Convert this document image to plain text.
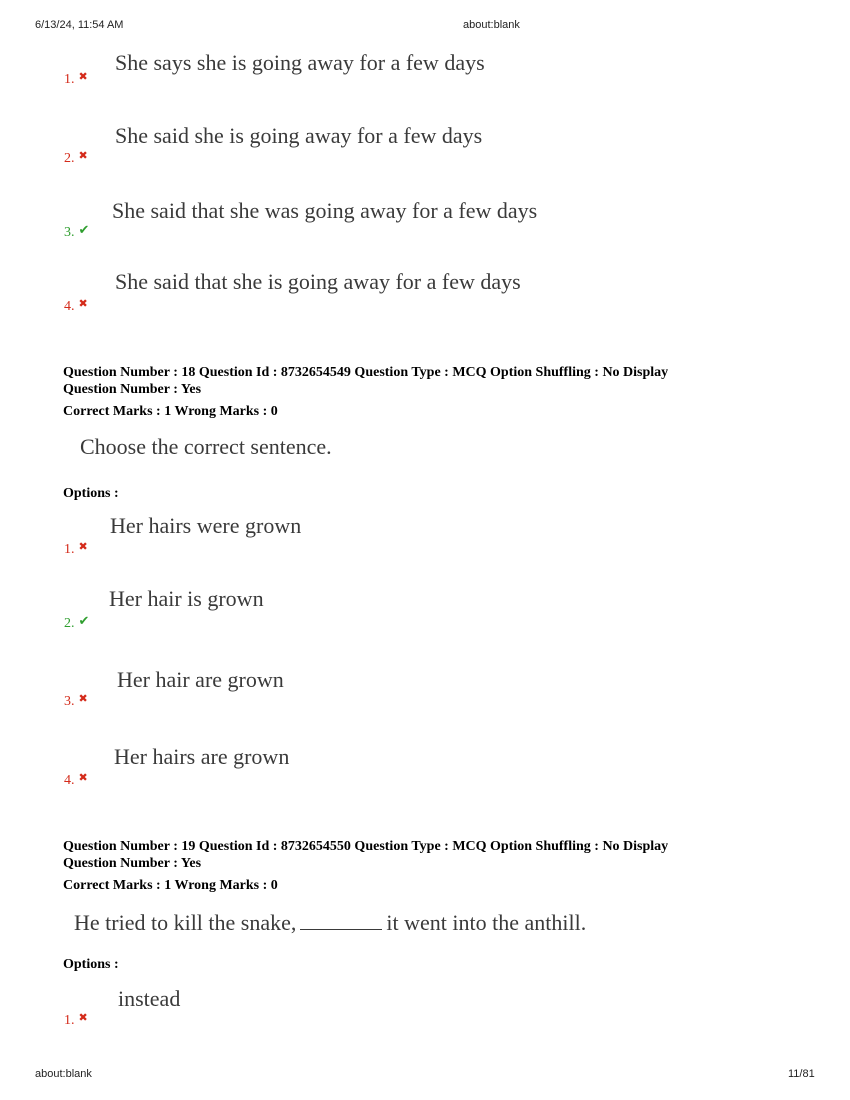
6/13/24, 11:54 AM	about:blank
1. ✖
She says she is going away for a few days
2. ✖
She said she is going away for a few days
3. ✔
She said that she was going away for a few days
4. ✖
She said that she is going away for a few days
Question Number : 18 Question Id : 8732654549 Question Type : MCQ Option Shuffling : No Display
Question Number : Yes
Correct Marks : 1 Wrong Marks : 0
Choose the correct sentence.
Options :
1. ✖
Her hairs were grown
2. ✔
Her hair is grown
3. ✖
Her hair are grown
4. ✖
Her hairs are grown
Question Number : 19 Question Id : 8732654550 Question Type : MCQ Option Shuffling : No Display
Question Number : Yes
Correct Marks : 1 Wrong Marks : 0
He tried to kill the snake,	it went into the anthill.
Options :
1. ✖
instead
about:blank	11/81
